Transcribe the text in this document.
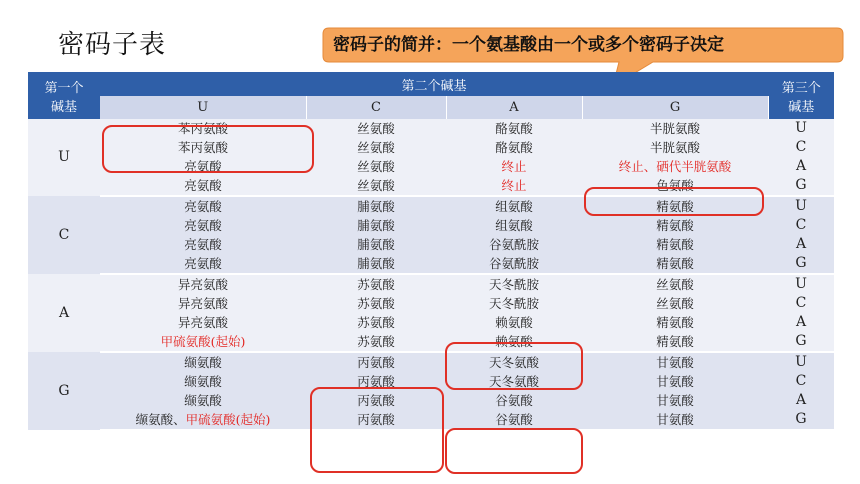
密码子表	密码子的简并：一个氨基酸由一个或多个密码子决定
第一个
碱基	第二个碱基				第三个
碱基
	U	C	A	G	
U	苯丙氨酸	丝氨酸	酪氨酸	半胱氨酸	U
	苯丙氨酸	丝氨酸	酪氨酸	半胱氨酸	C
	亮氨酸	丝氨酸	终止	终止、硒代半胱氨酸	A
	亮氨酸	丝氨酸	终止	色氨酸	G
C	亮氨酸	脯氨酸	组氨酸	精氨酸	U
	亮氨酸	脯氨酸	组氨酸	精氨酸	C
	亮氨酸	脯氨酸	谷氨酰胺	精氨酸	A
	亮氨酸	脯氨酸	谷氨酰胺	精氨酸	G
A	异亮氨酸	苏氨酸	天冬酰胺	丝氨酸	U
	异亮氨酸	苏氨酸	天冬酰胺	丝氨酸	C
	异亮氨酸	苏氨酸	赖氨酸	精氨酸	A
	甲硫氨酸(起始)	苏氨酸	赖氨酸	精氨酸	G
G	缬氨酸	丙氨酸	天冬氨酸	甘氨酸	U
	缬氨酸	丙氨酸	天冬氨酸	甘氨酸	C
	缬氨酸	丙氨酸	谷氨酸	甘氨酸	A
	缬氨酸、甲硫氨酸(起始)	丙氨酸	谷氨酸	甘氨酸	G
